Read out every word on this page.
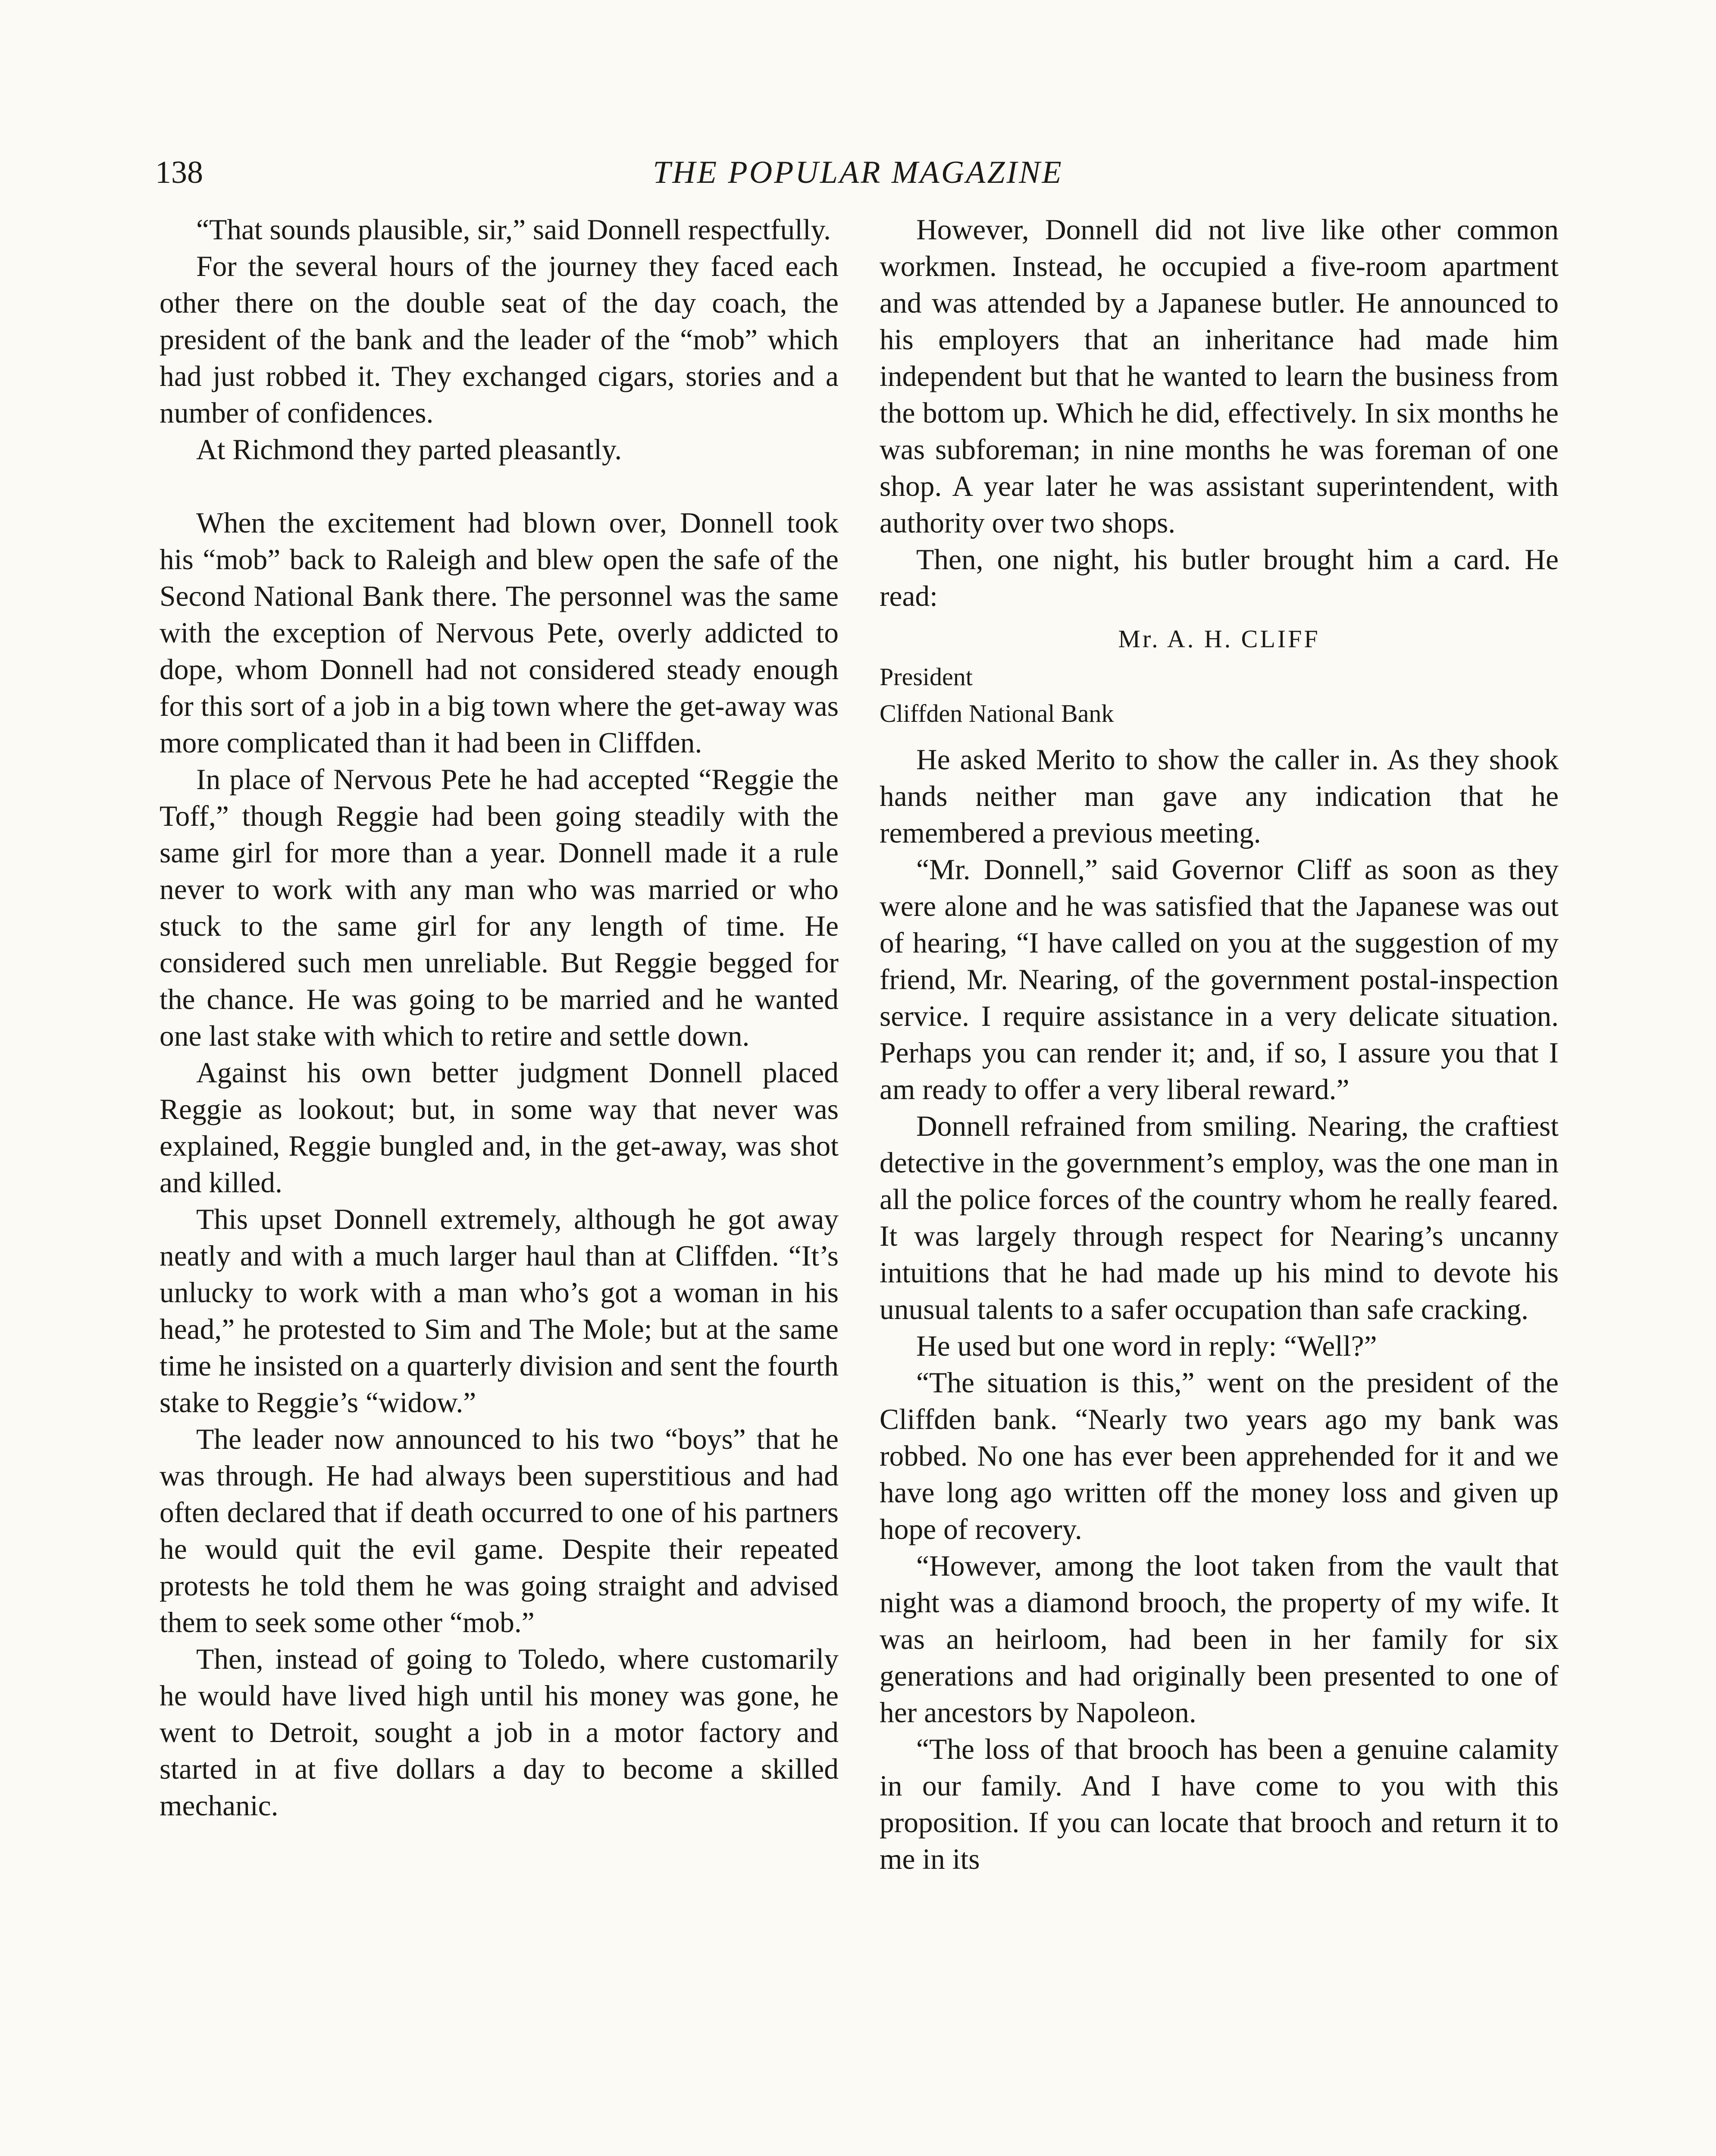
138	THE POPULAR MAGAZINE

“That sounds plausible, sir,” said Donnell respectfully.

For the several hours of the journey they faced each other there on the double seat of the day coach, the president of the bank and the leader of the “mob” which had just robbed it. They exchanged cigars, stories and a number of confidences.

At Richmond they parted pleasantly.

When the excitement had blown over, Donnell took his “mob” back to Raleigh and blew open the safe of the Second National Bank there. The personnel was the same with the exception of Nervous Pete, overly addicted to dope, whom Donnell had not considered steady enough for this sort of a job in a big town where the get-away was more complicated than it had been in Cliffden.

In place of Nervous Pete he had accepted “Reggie the Toff,” though Reggie had been going steadily with the same girl for more than a year. Donnell made it a rule never to work with any man who was married or who stuck to the same girl for any length of time. He considered such men unreliable. But Reggie begged for the chance. He was going to be married and he wanted one last stake with which to retire and settle down.

Against his own better judgment Donnell placed Reggie as lookout; but, in some way that never was explained, Reggie bungled and, in the get-away, was shot and killed.

This upset Donnell extremely, although he got away neatly and with a much larger haul than at Cliffden. “It’s unlucky to work with a man who’s got a woman in his head,” he protested to Sim and The Mole; but at the same time he insisted on a quarterly division and sent the fourth stake to Reggie’s “widow.”

The leader now announced to his two “boys” that he was through. He had always been superstitious and had often declared that if death occurred to one of his partners he would quit the evil game. Despite their repeated protests he told them he was going straight and advised them to seek some other “mob.”

Then, instead of going to Toledo, where customarily he would have lived high until his money was gone, he went to Detroit, sought a job in a motor factory and started in at five dollars a day to become a skilled mechanic.

However, Donnell did not live like other common workmen. Instead, he occupied a five-room apartment and was attended by a Japanese butler. He announced to his employers that an inheritance had made him independent but that he wanted to learn the business from the bottom up. Which he did, effectively. In six months he was subforeman; in nine months he was foreman of one shop. A year later he was assistant superintendent, with authority over two shops.

Then, one night, his butler brought him a card. He read:

Mr. A. H. CLIFF
President
Cliffden National Bank

He asked Merito to show the caller in. As they shook hands neither man gave any indication that he remembered a previous meeting.

“Mr. Donnell,” said Governor Cliff as soon as they were alone and he was satisfied that the Japanese was out of hearing, “I have called on you at the suggestion of my friend, Mr. Nearing, of the government postal-inspection service. I require assistance in a very delicate situation. Perhaps you can render it; and, if so, I assure you that I am ready to offer a very liberal reward.”

Donnell refrained from smiling. Nearing, the craftiest detective in the government’s employ, was the one man in all the police forces of the country whom he really feared. It was largely through respect for Nearing’s uncanny intuitions that he had made up his mind to devote his unusual talents to a safer occupation than safe cracking.

He used but one word in reply: “Well?”

“The situation is this,” went on the president of the Cliffden bank. “Nearly two years ago my bank was robbed. No one has ever been apprehended for it and we have long ago written off the money loss and given up hope of recovery.

“However, among the loot taken from the vault that night was a diamond brooch, the property of my wife. It was an heirloom, had been in her family for six generations and had originally been presented to one of her ancestors by Napoleon.

“The loss of that brooch has been a genuine calamity in our family. And I have come to you with this proposition. If you can locate that brooch and return it to me in its
